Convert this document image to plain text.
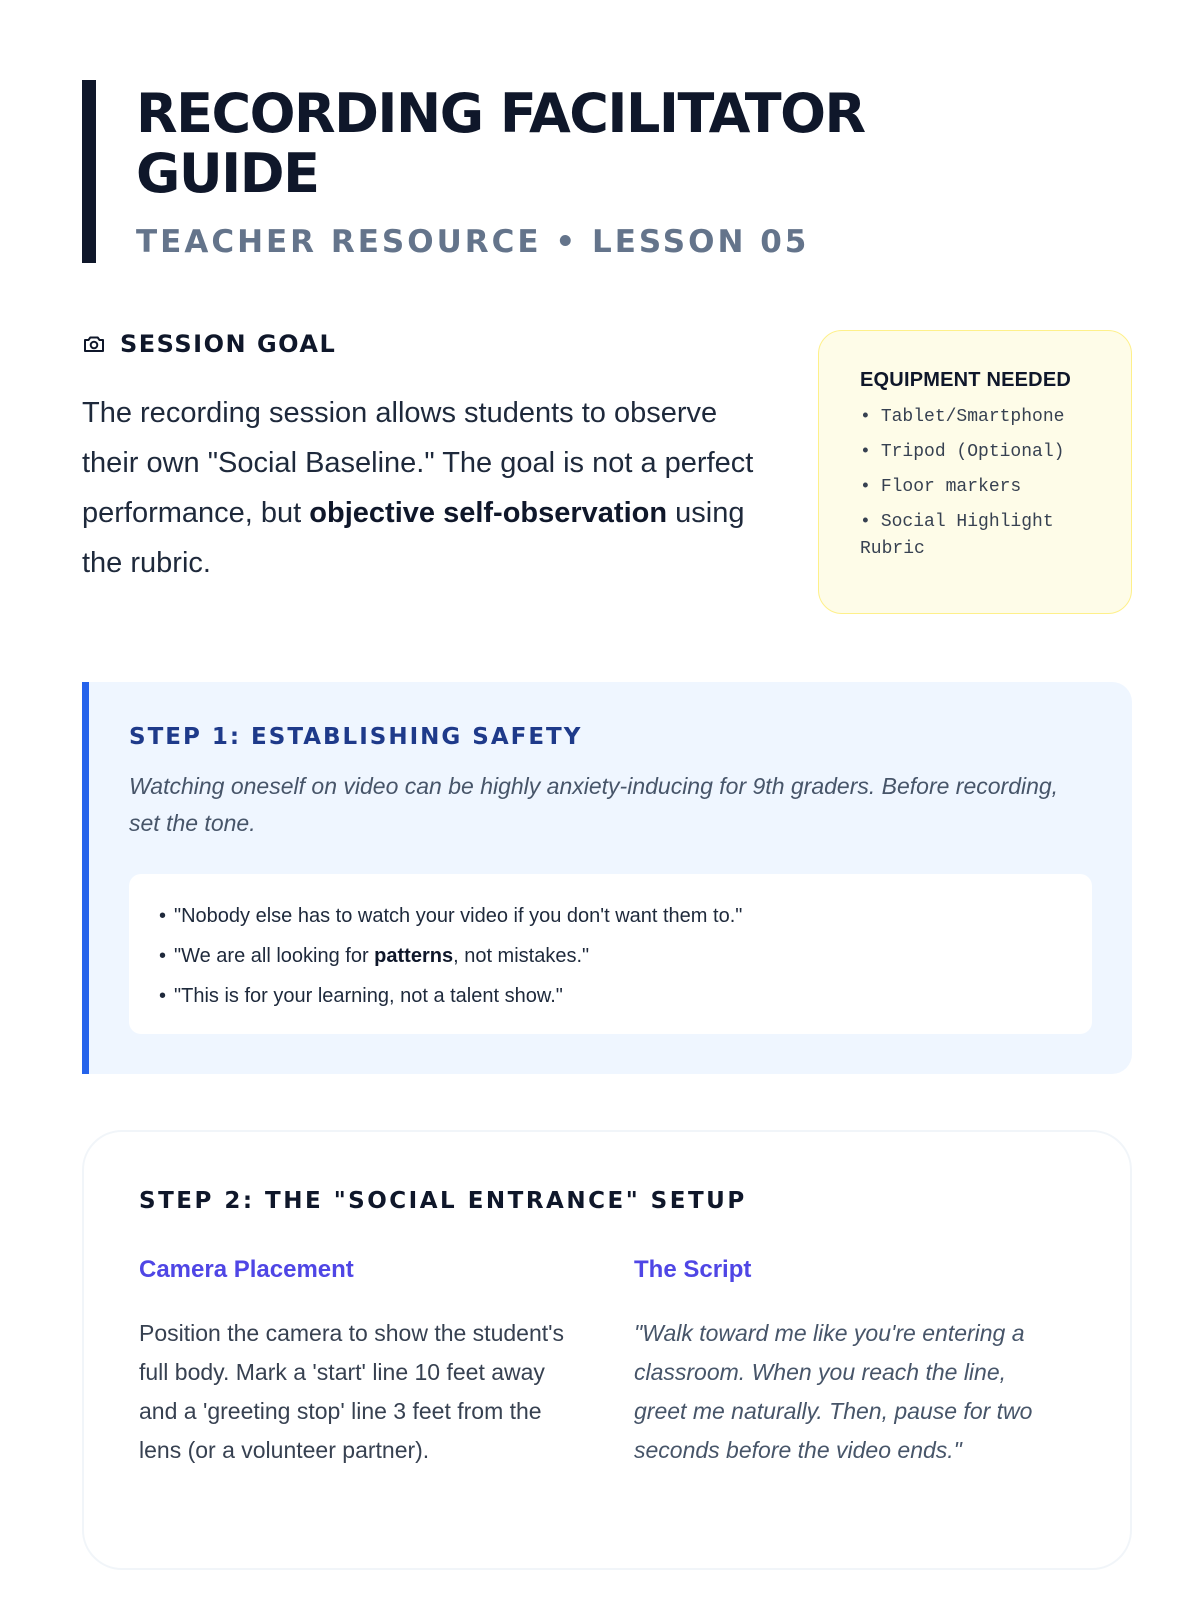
RECORDING FACILITATOR
GUIDE
TEACHER RESOURCE • LESSON 05
SESSION GOAL

The recording session allows students to observe their own "Social Baseline." The goal is not a perfect performance, but objective self-observation using the rubric.

EQUIPMENT NEEDED
• Tablet/Smartphone
• Tripod (Optional)
• Floor markers
• Social Highlight Rubric
STEP 1: ESTABLISHING SAFETY

Watching oneself on video can be highly anxiety-inducing for 9th graders. Before recording, set the tone.

• "Nobody else has to watch your video if you don't want them to."
• "We are all looking for patterns, not mistakes."
• "This is for your learning, not a talent show."
STEP 2: THE "SOCIAL ENTRANCE" SETUP
Camera Placement

Position the camera to show the student's full body. Mark a 'start' line 10 feet away and a 'greeting stop' line 3 feet from the lens (or a volunteer partner).

The Script

"Walk toward me like you're entering a classroom. When you reach the line, greet me naturally. Then, pause for two seconds before the video ends."
